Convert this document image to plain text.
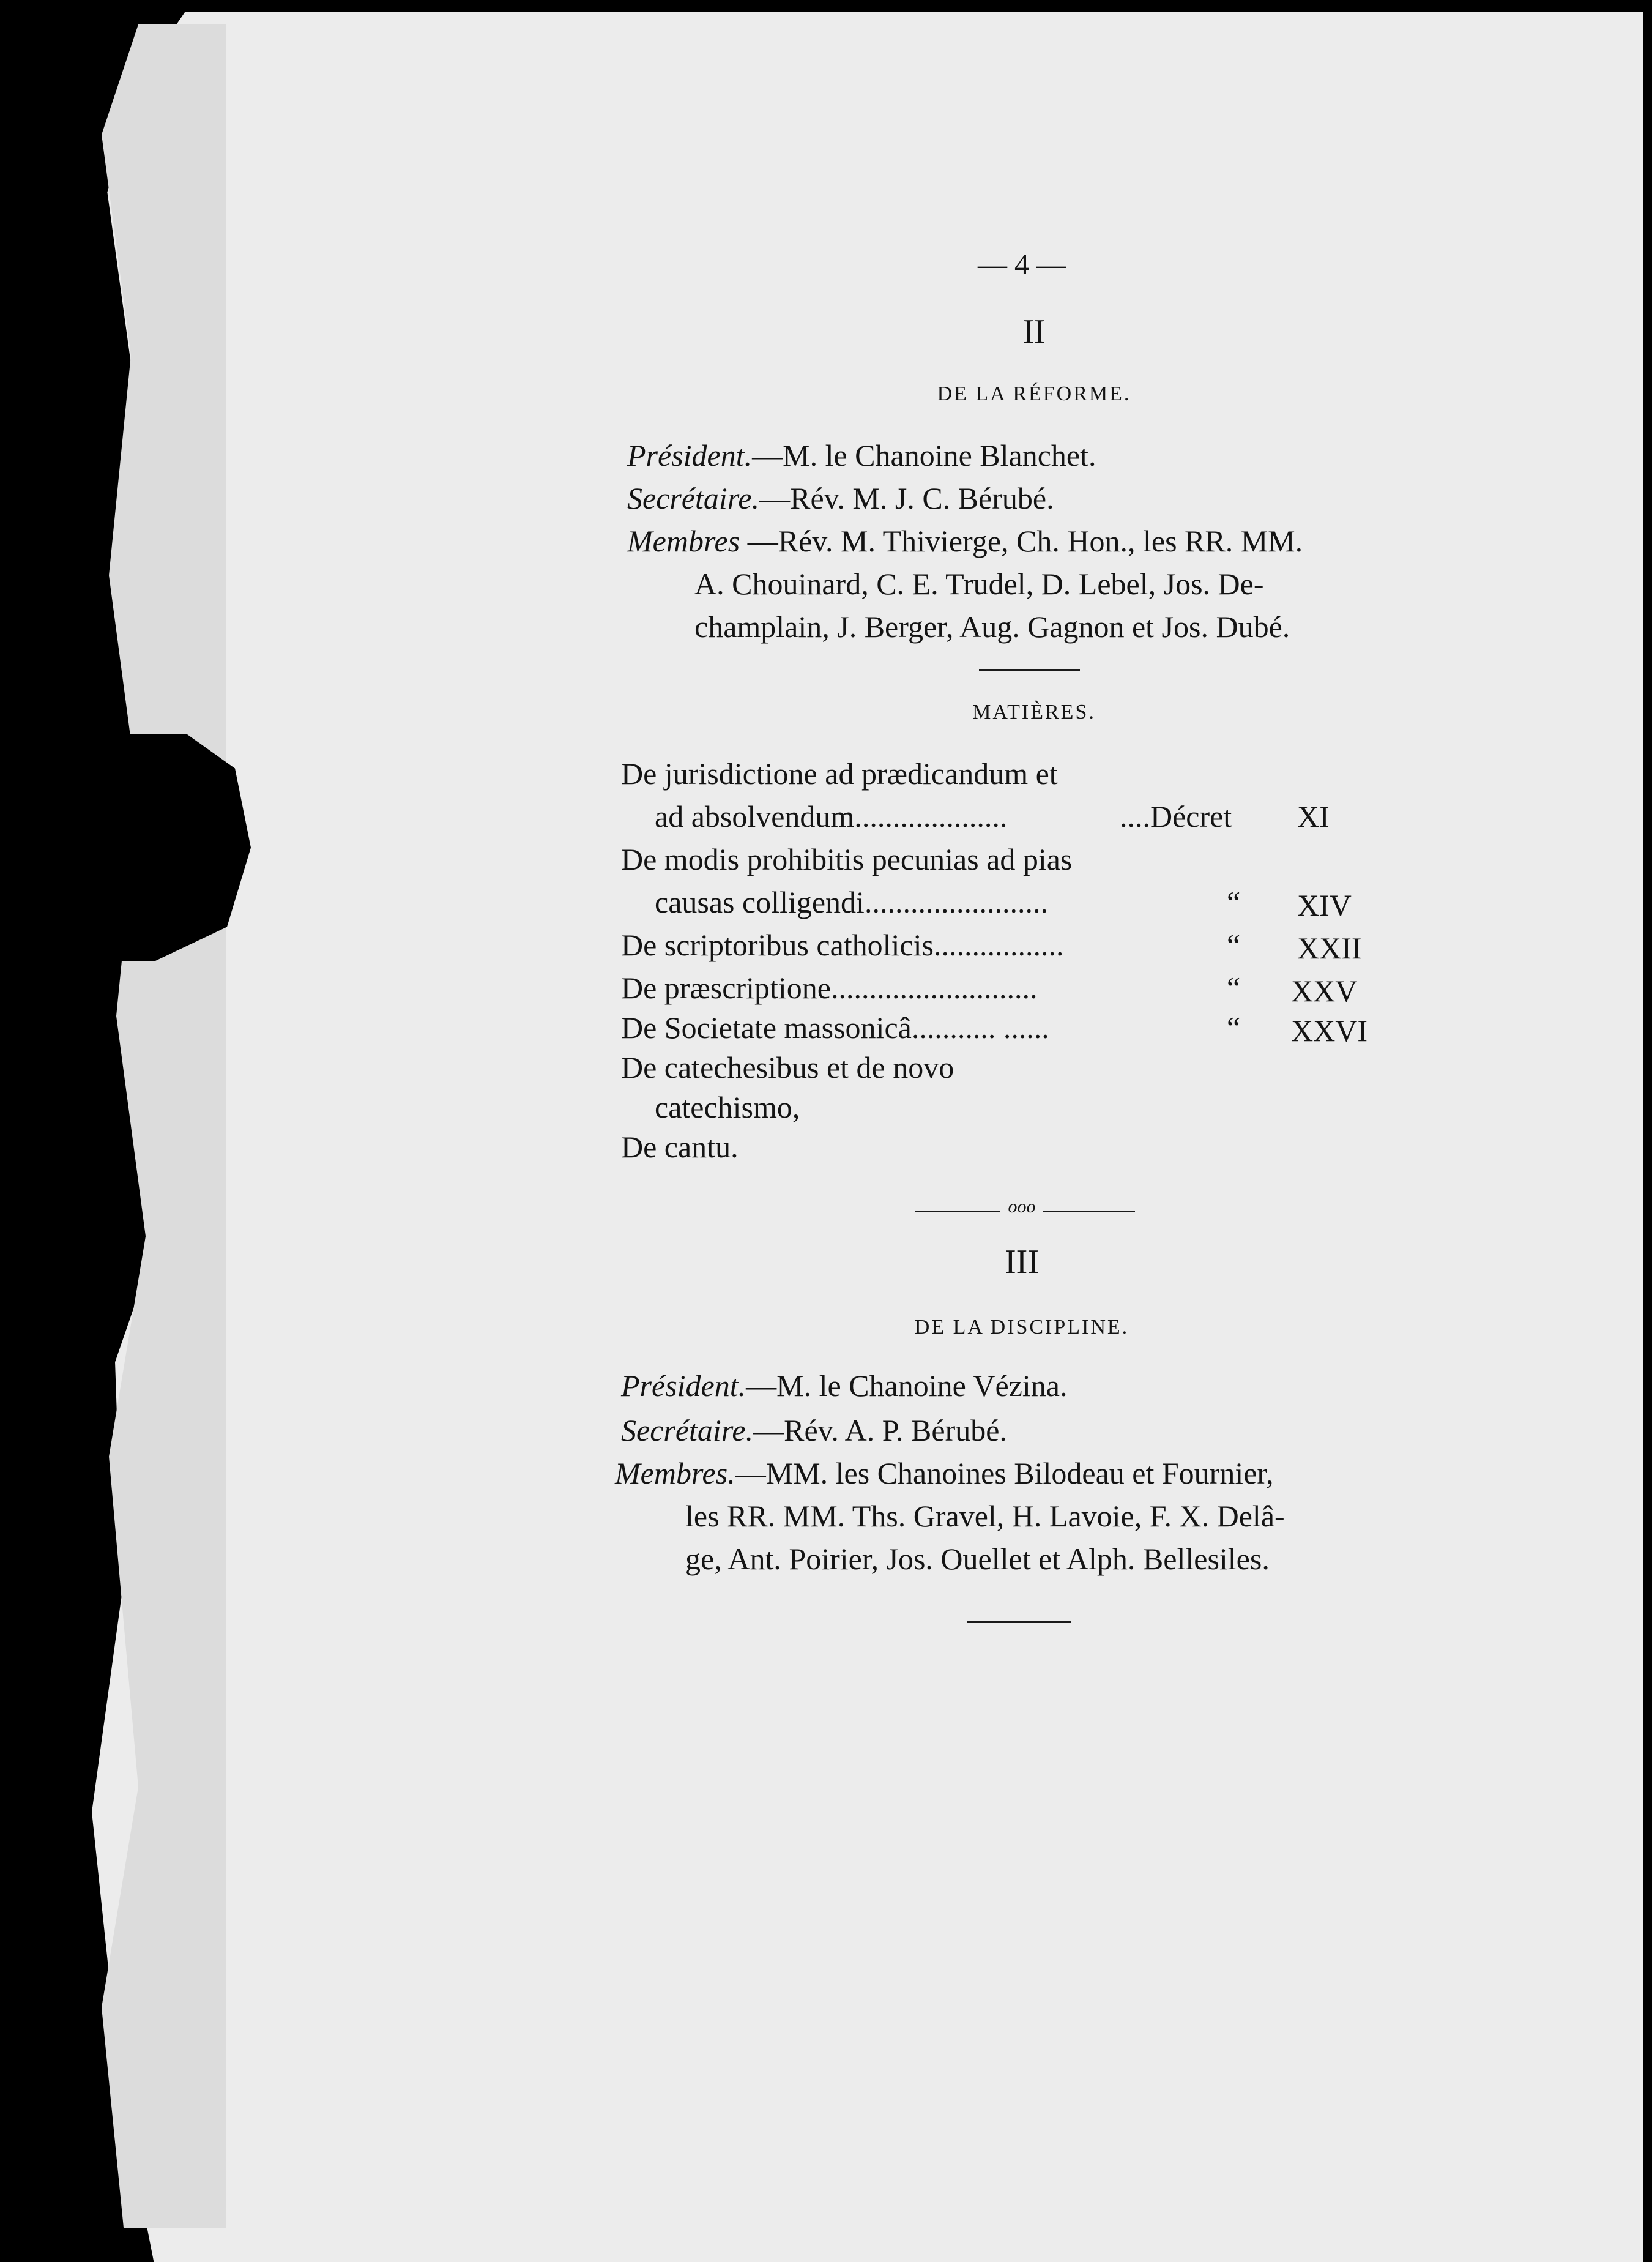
— 4 —
II
DE LA RÉFORME.
Président.—M. le Chanoine Blanchet.
Secrétaire.—Rév. M. J. C. Bérubé.
Membres —Rév. M. Thivierge, Ch. Hon., les RR. MM.
A. Chouinard, C. E. Trudel, D. Lebel, Jos. De-
champlain, J. Berger, Aug. Gagnon et Jos. Dubé.
MATIÈRES.
De jurisdictione ad prædicandum et
ad absolvendum....................	....Décret XI
De modis prohibitis pecunias ad pias
causas colligendi........................	“ XIV
De scriptoribus catholicis.................	“ XXII
De præscriptione...........................	“ XXV
De Societate massonicâ........... ......	“ XXVI
De catechesibus et de novo
catechismo,
De cantu.
ooo
III
DE LA DISCIPLINE.
Président.—M. le Chanoine Vézina.
Secrétaire.—Rév. A. P. Bérubé.
Membres.—MM. les Chanoines Bilodeau et Fournier,
les RR. MM. Ths. Gravel, H. Lavoie, F. X. Delâ-
ge, Ant. Poirier, Jos. Ouellet et Alph. Bellesiles.
